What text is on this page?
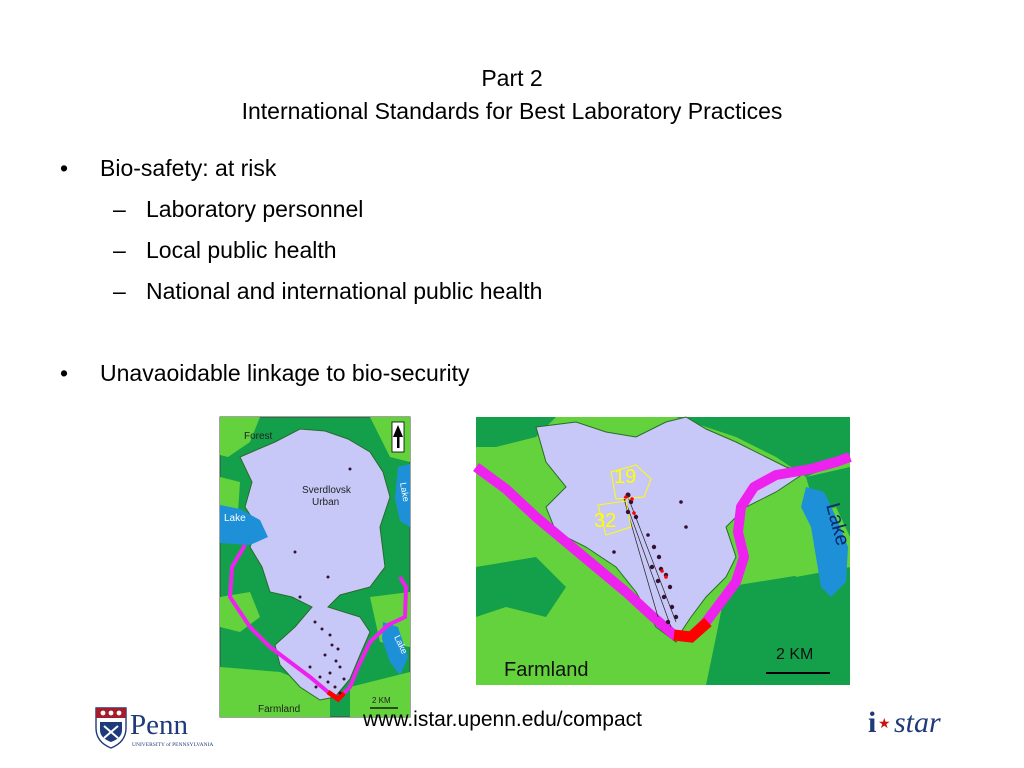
Part 2
International Standards for Best Laboratory Practices
• Bio-safety: at risk
– Laboratory personnel
– Local public health
– National and international public health
• Unavaoidable linkage to bio-security
Forest
Sverdlovsk
Urban
Lake
Lake
Lake
Farmland
2 KM
19
32	Lake
Farmland
2 KM
Penn
UNIVERSITY of PENNSYLVANIA
www.istar.upenn.edu/compact	i ★ star
